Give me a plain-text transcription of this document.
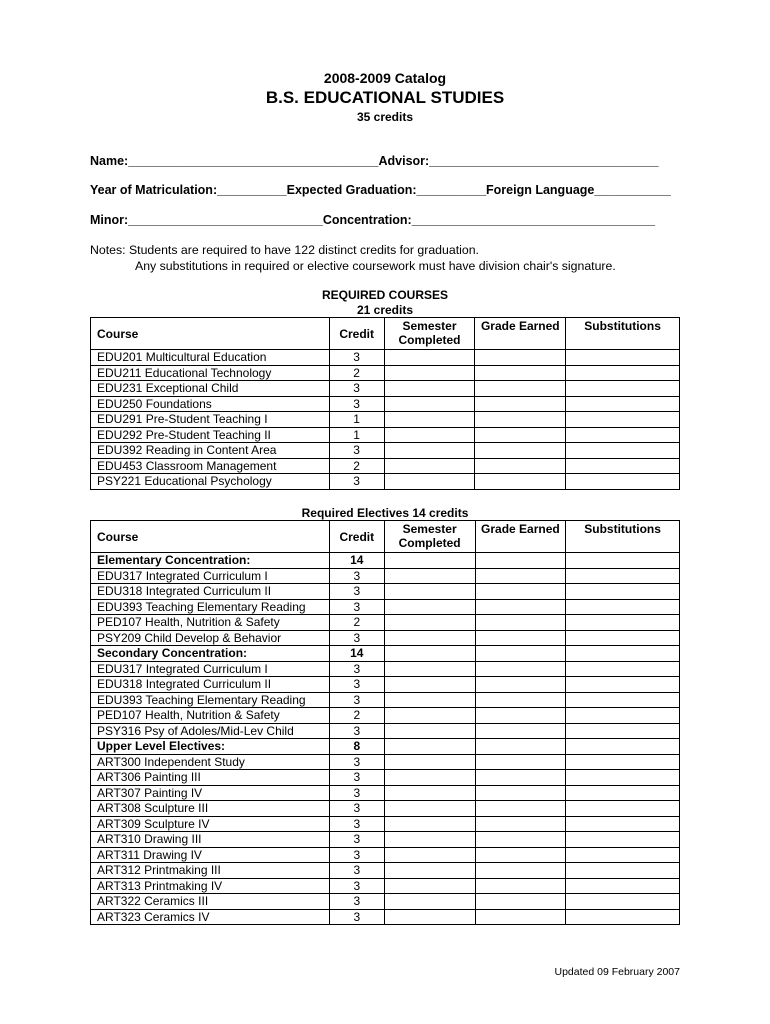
2008-2009 Catalog
B.S. EDUCATIONAL STUDIES
35 credits
Name:____________________________________Advisor:_________________________________
Year of Matriculation:__________Expected Graduation:__________Foreign Language___________
Minor:____________________________Concentration:___________________________________
Notes: Students are required to have 122 distinct credits for graduation.
Any substitutions in required or elective coursework must have division chair's signature.
REQUIRED COURSES
21 credits
Course	Credit	Semester Completed	Grade Earned	Substitutions
EDU201 Multicultural Education	3			
EDU211 Educational Technology	2			
EDU231 Exceptional Child	3			
EDU250 Foundations	3			
EDU291 Pre-Student Teaching I	1			
EDU292 Pre-Student Teaching II	1			
EDU392 Reading in Content Area	3			
EDU453 Classroom Management	2			
PSY221 Educational Psychology	3			
Required Electives 14 credits
Course	Credit	Semester Completed	Grade Earned	Substitutions
Elementary Concentration:	14			
EDU317 Integrated Curriculum I	3			
EDU318 Integrated Curriculum II	3			
EDU393 Teaching Elementary Reading	3			
PED107 Health, Nutrition & Safety	2			
PSY209 Child Develop & Behavior	3			
Secondary Concentration:	14			
EDU317 Integrated Curriculum I	3			
EDU318 Integrated Curriculum II	3			
EDU393 Teaching Elementary Reading	3			
PED107 Health, Nutrition & Safety	2			
PSY316 Psy of Adoles/Mid-Lev Child	3			
Upper Level Electives:	8			
ART300 Independent Study	3			
ART306 Painting III	3			
ART307 Painting IV	3			
ART308 Sculpture III	3			
ART309 Sculpture IV	3			
ART310 Drawing III	3			
ART311 Drawing IV	3			
ART312 Printmaking III	3			
ART313 Printmaking IV	3			
ART322 Ceramics III	3			
ART323 Ceramics IV	3			
Updated 09 February 2007
